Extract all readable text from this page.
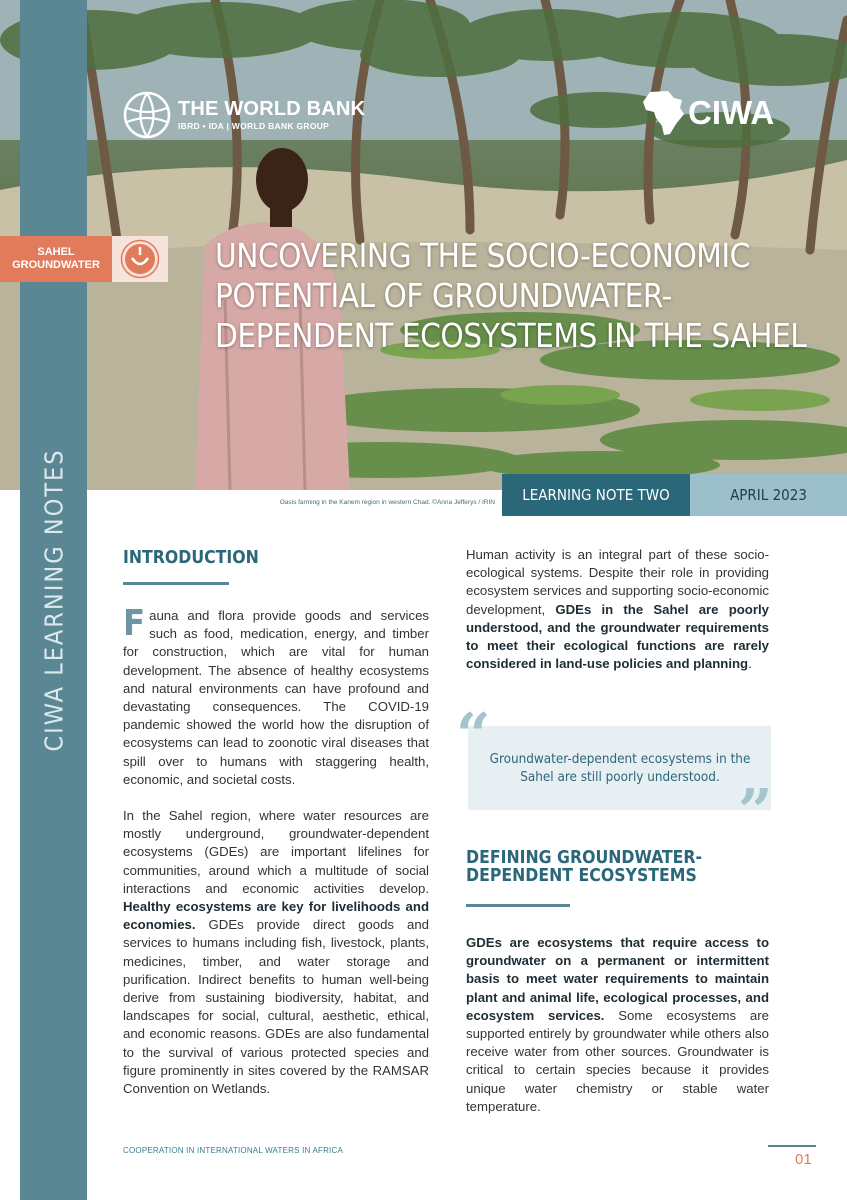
CIWA LEARNING NOTES
THE WORLD BANK
IBRD • IDA | WORLD BANK GROUP	CIWA
SAHEL GROUNDWATER	UNCOVERING THE SOCIO-ECONOMIC POTENTIAL OF GROUNDWATER-DEPENDENT ECOSYSTEMS IN THE SAHEL
Oasis farming in the Kanem region in western Chad. ©Anna Jefferys / IRIN	LEARNING NOTE TWO	APRIL 2023
INTRODUCTION

Fauna and flora provide goods and services such as food, medication, energy, and timber for construction, which are vital for human development. The absence of healthy ecosystems and natural environments can have profound and devastating consequences. The COVID-19 pandemic showed the world how the disruption of ecosystems can lead to zoonotic viral diseases that spill over to humans with staggering health, economic, and societal costs.

In the Sahel region, where water resources are mostly underground, groundwater-dependent ecosystems (GDEs) are important lifelines for communities, around which a multitude of social interactions and economic activities develop. Healthy ecosystems are key for livelihoods and economies. GDEs provide direct goods and services to humans including fish, livestock, plants, medicines, timber, and water storage and purification. Indirect benefits to human well-being derive from sustaining biodiversity, habitat, and landscapes for social, cultural, aesthetic, ethical, and economic reasons. GDEs are also fundamental to the survival of various protected species and figure prominently in sites covered by the RAMSAR Convention on Wetlands.

Human activity is an integral part of these socio-ecological systems. Despite their role in providing ecosystem services and supporting socio-economic development, GDEs in the Sahel are poorly understood, and the groundwater requirements to meet their ecological functions are rarely considered in land-use policies and planning.

“ Groundwater-dependent ecosystems in the Sahel are still poorly understood. ”
DEFINING GROUNDWATER-DEPENDENT ECOSYSTEMS

GDEs are ecosystems that require access to groundwater on a permanent or intermittent basis to meet water requirements to maintain plant and animal life, ecological processes, and ecosystem services. Some ecosystems are supported entirely by groundwater while others also receive water from other sources. Groundwater is critical to certain species because it provides unique water chemistry or stable water temperature.

COOPERATION IN INTERNATIONAL WATERS IN AFRICA
01
